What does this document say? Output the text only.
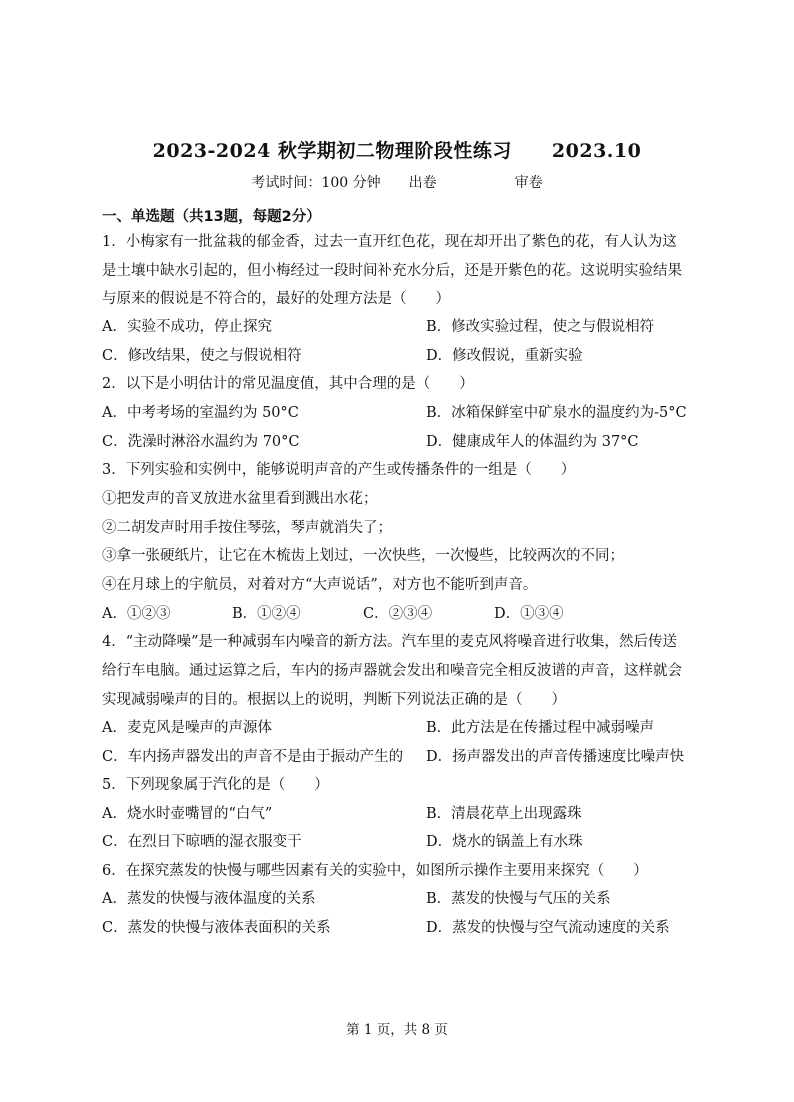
2023-2024 秋学期初二物理阶段性练习 2023.10
考试时间：100 分钟 出卷	审卷
一、单选题（共13题，每题2分）
1．小梅家有一批盆栽的郁金香，过去一直开红色花，现在却开出了紫色的花，有人认为这
是土壤中缺水引起的，但小梅经过一段时间补充水分后，还是开紫色的花。这说明实验结果
与原来的假说是不符合的，最好的处理方法是（　　）
A．实验不成功，停止探究	B．修改实验过程，使之与假说相符
C．修改结果，使之与假说相符	D．修改假说，重新实验
2．以下是小明估计的常见温度值，其中合理的是（　　）
A．中考考场的室温约为 50°C	B．冰箱保鲜室中矿泉水的温度约为-5°C
C．洗澡时淋浴水温约为 70°C	D．健康成年人的体温约为 37°C
3．下列实验和实例中，能够说明声音的产生或传播条件的一组是（　　）
①把发声的音叉放进水盆里看到溅出水花；
②二胡发声时用手按住琴弦，琴声就消失了；
③拿一张硬纸片，让它在木梳齿上划过，一次快些，一次慢些，比较两次的不同；
④在月球上的宇航员，对着对方“大声说话”，对方也不能听到声音。
A．①②③	B．①②④	C．②③④	D．①③④
4．“主动降噪”是一种减弱车内噪音的新方法。汽车里的麦克风将噪音进行收集，然后传送
给行车电脑。通过运算之后，车内的扬声器就会发出和噪音完全相反波谱的声音，这样就会
实现减弱噪声的目的。根据以上的说明，判断下列说法正确的是（　　）
A．麦克风是噪声的声源体	B．此方法是在传播过程中减弱噪声
C．车内扬声器发出的声音不是由于振动产生的 D．扬声器发出的声音传播速度比噪声快
5．下列现象属于汽化的是（　　）
A．烧水时壶嘴冒的“白气”	B．清晨花草上出现露珠
C．在烈日下晾晒的湿衣服变干	D．烧水的锅盖上有水珠
6．在探究蒸发的快慢与哪些因素有关的实验中，如图所示操作主要用来探究（　　）
A．蒸发的快慢与液体温度的关系	B．蒸发的快慢与气压的关系
C．蒸发的快慢与液体表面积的关系	D．蒸发的快慢与空气流动速度的关系
第 1 页，共 8 页
